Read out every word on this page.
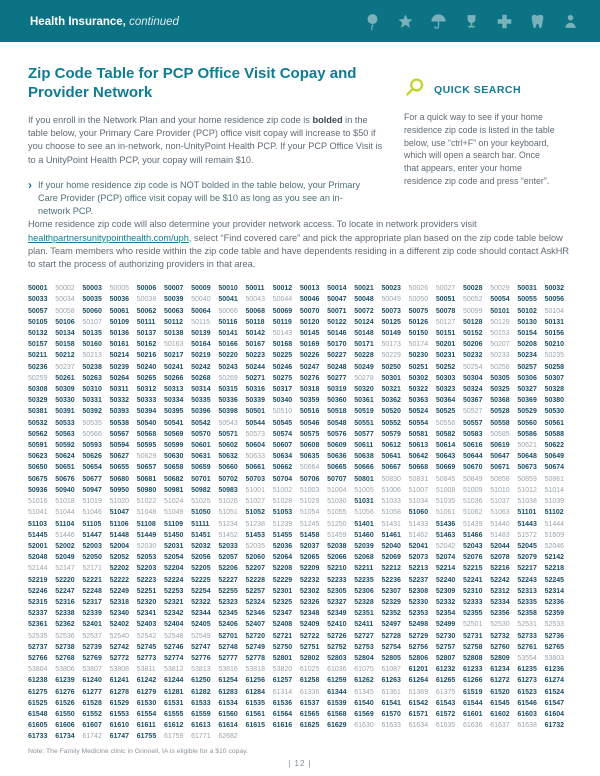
Health Insurance, continued
Zip Code Table for PCP Office Visit Copay and Provider Network

If you enroll in the Network Plan and your home residence zip code is bolded in the table below, your Primary Care Provider (PCP) office visit copay will increase to $50 if you choose to see an in-network, non-UnityPoint Health PCP. If your PCP Office Visit is to a UnityPoint Health PCP, your copay will remain $10.

› If your home residence zip code is NOT bolded in the table below, your Primary Care Provider (PCP) office visit copay will be $10 as long as you see an in-network PCP.

QUICK SEARCH

For a quick way to see if your home residence zip code is listed in the table below, use “ctrl+F” on your keyboard, which will open a search bar. Once that appears, enter your home residence zip code and press “enter”.

Home residence zip code will also determine your provider network access. To locate in network providers visit healthpartnersunitypointhealth.com/uph, select “Find covered care” and pick the appropriate plan based on the zip code table below plan. Team members who reside within the zip code table and have dependents residing in a different zip code should contact AskHR to start the process of authorizing providers in that area.

50001	50002	50003	50005	50006	50007	50009	50010	50011	50012	50013	50014	50021	50023	50026	50027	50028	50029	50031	50032
50033	50034	50035	50036	50038	50039	50040	50041	50043	50044	50046	50047	50048	50049	50050	50051	50052	50054	50055	50056
50057	50058	50060	50061	50062	50063	50064	50066	50068	50069	50070	50071	50072	50073	50075	50078	50099	50101	50102	50104
50105	50106	50107	50109	50111	50112	50115	50116	50118	50119	50120	50122	50124	50125	50126	50127	50128	50129	50130	50131
50132	50134	50135	50136	50137	50138	50139	50141	50142	50143	50145	50146	50148	50149	50150	50151	50152	50153	50154	50156
50157	50158	50160	50161	50162	50163	50164	50166	50167	50168	50169	50170	50171	50173	50174	50201	50206	50207	50208	50210
50211	50212	50213	50214	50216	50217	50219	50220	50223	50225	50226	50227	50228	50229	50230	50231	50232	50233	50234	50235
50236	50237	50238	50239	50240	50241	50242	50243	50244	50246	50247	50248	50249	50250	50251	50252	50254	50256	50257	50258
50259	50261	50263	50264	50265	50266	50268	50269	50271	50275	50276	50277	50278	50301	50302	50303	50304	50305	50306	50307
50308	50309	50310	50311	50312	50313	50314	50315	50316	50317	50318	50319	50320	50321	50322	50323	50324	50325	50327	50328
50329	50330	50331	50332	50333	50334	50335	50336	50339	50340	50359	50360	50361	50362	50363	50364	50367	50368	50369	50380
50381	50391	50392	50393	50394	50395	50396	50398	50501	50510	50516	50518	50519	50520	50524	50525	50527	50528	50529	50530
50532	50533	50535	50538	50540	50541	50542	50543	50544	50545	50546	50548	50551	50552	50554	50556	50557	50558	50560	50561
50562	50563	50566	50567	50568	50569	50570	50571	50573	50574	50575	50576	50577	50579	50581	50582	50583	50585	50586	50588
50591	50592	50593	50594	50595	50599	50601	50602	50604	50607	50608	50609	50611	50612	50613	50614	50616	50619	50621	50622
50623	50624	50626	50627	50629	50630	50631	50632	50633	50634	50635	50636	50638	50641	50642	50643	50644	50647	50648	50649
50650	50651	50654	50655	50657	50658	50659	50660	50661	50662	50664	50665	50666	50667	50668	50669	50670	50671	50673	50674
50675	50676	50677	50680	50681	50682	50701	50702	50703	50704	50706	50707	50801	50830	50831	50845	50849	50858	50859	50861
50936	50940	50947	50950	50980	50981	50982	50983	51001	51002	51003	51004	51005	51006	51007	51008	51009	51010	51012	51014
51016	51018	51019	51020	51022	51024	51025	51026	51027	51028	51029	51030	51031	51033	51034	51035	51036	51037	51038	51039
51041	51044	51046	51047	51048	51049	51050	51051	51052	51053	51054	51055	51056	51058	51060	51061	51062	51063	51101	51102
51103	51104	51105	51106	51108	51109	51111	51234	51238	51239	51245	51250	51401	51431	51433	51436	51439	51440	51443	51444
51445	51446	51447	51448	51449	51450	51451	51452	51453	51455	51458	51459	51460	51461	51462	51463	51466	51483	51572	51609
52001	52002	52003	52004	52030	52031	52032	52033	52035	52036	52037	52038	52039	52040	52041	52042	52043	52044	52045	52046
52048	52049	52050	52052	52053	52054	52056	52057	52060	52064	52065	52066	52068	52069	52073	52074	52076	52078	52079	52142
52144	52147	52171	52202	52203	52204	52205	52206	52207	52208	52209	52210	52211	52212	52213	52214	52215	52216	52217	52218
52219	52220	52221	52222	52223	52224	52225	52227	52228	52229	52232	52233	52235	52236	52237	52240	52241	52242	52243	52245
52246	52247	52248	52249	52251	52253	52254	52255	52257	52301	52302	52305	52306	52307	52308	52309	52310	52312	52313	52314
52315	52316	52317	52318	52320	52321	52322	52323	52324	52325	52326	52327	52328	52329	52330	52332	52333	52334	52335	52336
52337	52338	52339	52340	52341	52342	52344	52345	52346	52347	52348	52349	52351	52352	52353	52354	52355	52356	52358	52359
52361	52362	52401	52402	52403	52404	52405	52406	52407	52408	52409	52410	52411	52497	52498	52499	52501	52530	52531	52533
52535	52536	52537	52540	52542	52548	52549	52701	52720	52721	52722	52726	52727	52728	52729	52730	52731	52732	52733	52736
52737	52738	52739	52742	52745	52746	52747	52748	52749	52750	52751	52752	52753	52754	52756	52757	52758	52760	52761	52765
52766	52768	52769	52772	52773	52774	52776	52777	52778	52801	52802	52803	52804	52805	52806	52807	52808	52809	53554	53803
53804	53806	53807	53808	53811	53812	53813	53816	53818	53820	61025	61036	61075	61087	61201	61232	61233	61234	61235	61236
61238	61239	61240	61241	61242	61244	61250	61254	61256	61257	61258	61259	61262	61263	61264	61265	61266	61272	61273	61274
61275	61276	61277	61278	61279	61281	61282	61283	61284	61314	61336	61344	61345	61361	61369	61375	61519	61520	61523	61524
61525	61526	61528	61529	61530	61531	61533	61534	61535	61536	61537	61539	61540	61541	61542	61543	61544	61545	61546	61547
61548	61550	61552	61553	61554	61555	61559	61560	61561	61564	61565	61568	61569	61570	61571	61572	61601	61602	61603	61604
61605	61606	61607	61610	61611	61612	61613	61614	61615	61616	61625	61629	61630	61633	61634	61635	61636	61637	61638	61732
61733	61734	61742	61747	61755	61759	61771	62682

Note: The Family Medicine clinic in Grinnell, IA is eligible for a $10 copay.

| 12 |
